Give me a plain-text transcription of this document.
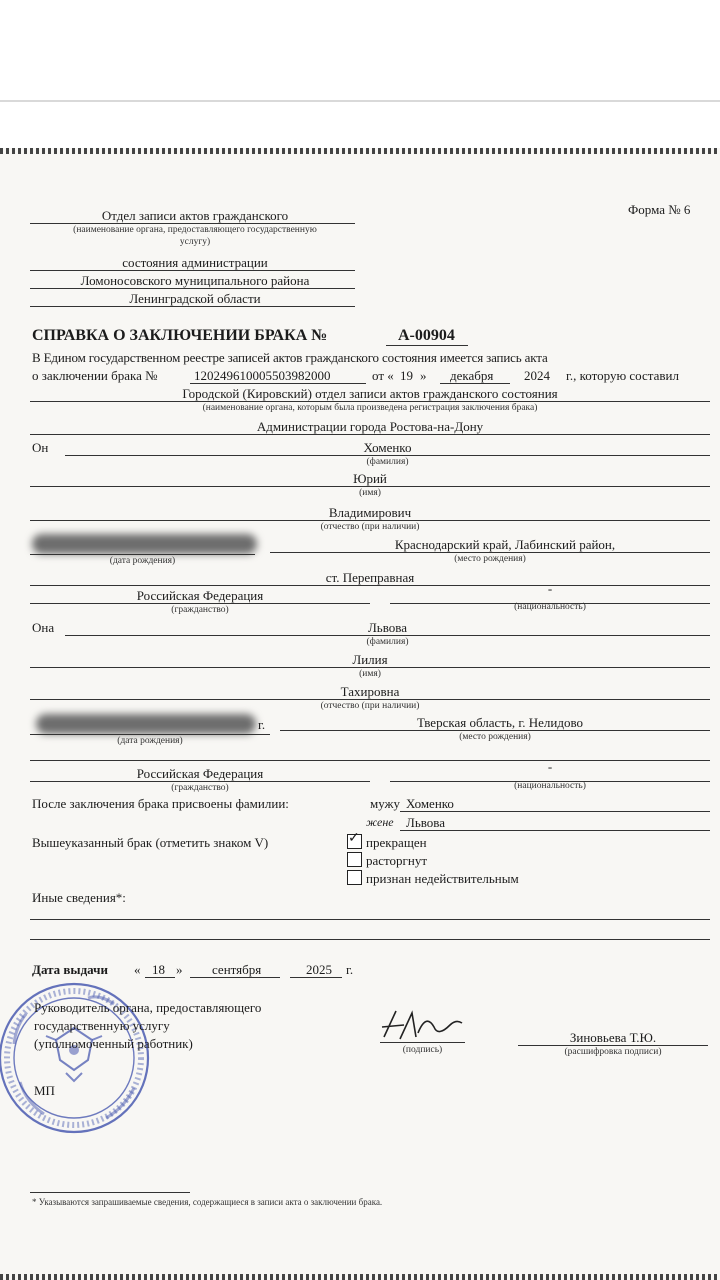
Форма № 6
Отдел записи актов гражданского
(наименование органа, предоставляющего государственную
услугу)
состояния администрации
Ломоносовского муниципального района
Ленинградской области
СПРАВКА О ЗАКЛЮЧЕНИИ БРАКА №	А-00904
В Едином государственном реестре записей актов гражданского состояния имеется запись акта
о заключении брака №	120249610005503982000	от « 19 » декабря 2024 г., которую составил
Городской (Кировский) отдел записи актов гражданского состояния
(наименование органа, которым была произведена регистрация заключения брака)
Администрации города Ростова-на-Дону
Он	Хоменко
(фамилия)
Юрий
(имя)
Владимирович
(отчество (при наличии)
Краснодарский край, Лабинский район,
(дата рождения)	(место рождения)
ст. Переправная
Российская Федерация	-
(гражданство)	(национальность)
Она	Львова
(фамилия)
Лилия
(имя)
Тахировна
(отчество (при наличии)
г.	Тверская область, г. Нелидово
(дата рождения)	(место рождения)
Российская Федерация	-
(гражданство)	(национальность)
После заключения брака присвоены фамилии:	мужу Хоменко
жене Львова
Вышеуказанный брак (отметить знаком V)	✓ прекращен
расторгнут
признан недействительным
Иные сведения*:
Дата выдачи « 18 » сентября	2025 г.
МП
Руководитель органа, предоставляющего
государственную услугу
(уполномоченный работник)	(подпись)
Зиновьева Т.Ю.
(расшифровка подписи)
* Указываются запрашиваемые сведения, содержащиеся в записи акта о заключении брака.
